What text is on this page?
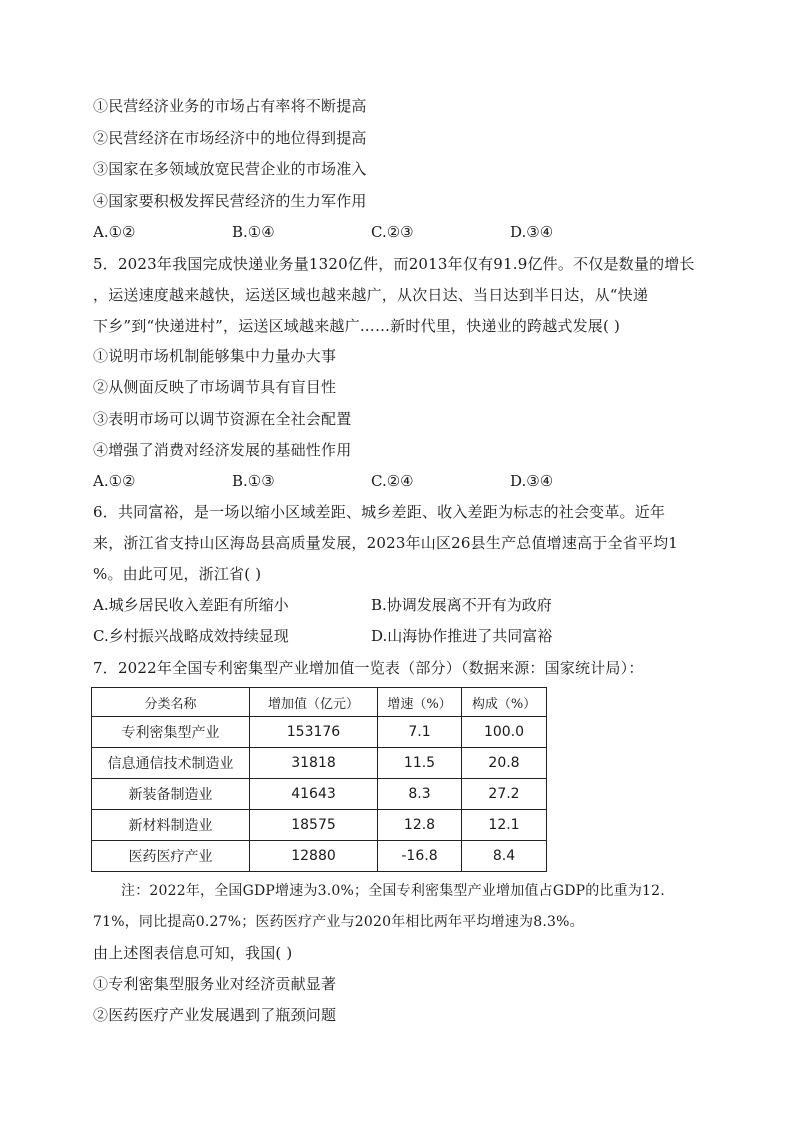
①民营经济业务的市场占有率将不断提高
②民营经济在市场经济中的地位得到提高
③国家在多领域放宽民营企业的市场准入
④国家要积极发挥民营经济的生力军作用
A.①②	B.①④	C.②③	D.③④
5．2023年我国完成快递业务量1320亿件，而2013年仅有91.9亿件。不仅是数量的增长
，运送速度越来越快，运送区域也越来越广，从次日达、当日达到半日达，从“快递
下乡”到“快递进村”，运送区域越来越广……新时代里，快递业的跨越式发展( )
①说明市场机制能够集中力量办大事
②从侧面反映了市场调节具有盲目性
③表明市场可以调节资源在全社会配置
④增强了消费对经济发展的基础性作用
A.①②	B.①③	C.②④	D.③④
6．共同富裕，是一场以缩小区域差距、城乡差距、收入差距为标志的社会变革。近年
来，浙江省支持山区海岛县高质量发展，2023年山区26县生产总值增速高于全省平均1
%。由此可见，浙江省( )
A.城乡居民收入差距有所缩小	B.协调发展离不开有为政府
C.乡村振兴战略成效持续显现	D.山海协作推进了共同富裕
7．2022年全国专利密集型产业增加值一览表（部分）（数据来源：国家统计局）：
分类名称	增加值（亿元）	增速（%）	构成（%）
专利密集型产业	153176	7.1	100.0
信息通信技术制造业	31818	11.5	20.8
新装备制造业	41643	8.3	27.2
新材料制造业	18575	12.8	12.1
医药医疗产业	12880	-16.8	8.4
注：2022年，全国GDP增速为3.0%；全国专利密集型产业增加值占GDP的比重为12.
71%，同比提高0.27%；医药医疗产业与2020年相比两年平均增速为8.3%。
由上述图表信息可知，我国( )
①专利密集型服务业对经济贡献显著
②医药医疗产业发展遇到了瓶颈问题
